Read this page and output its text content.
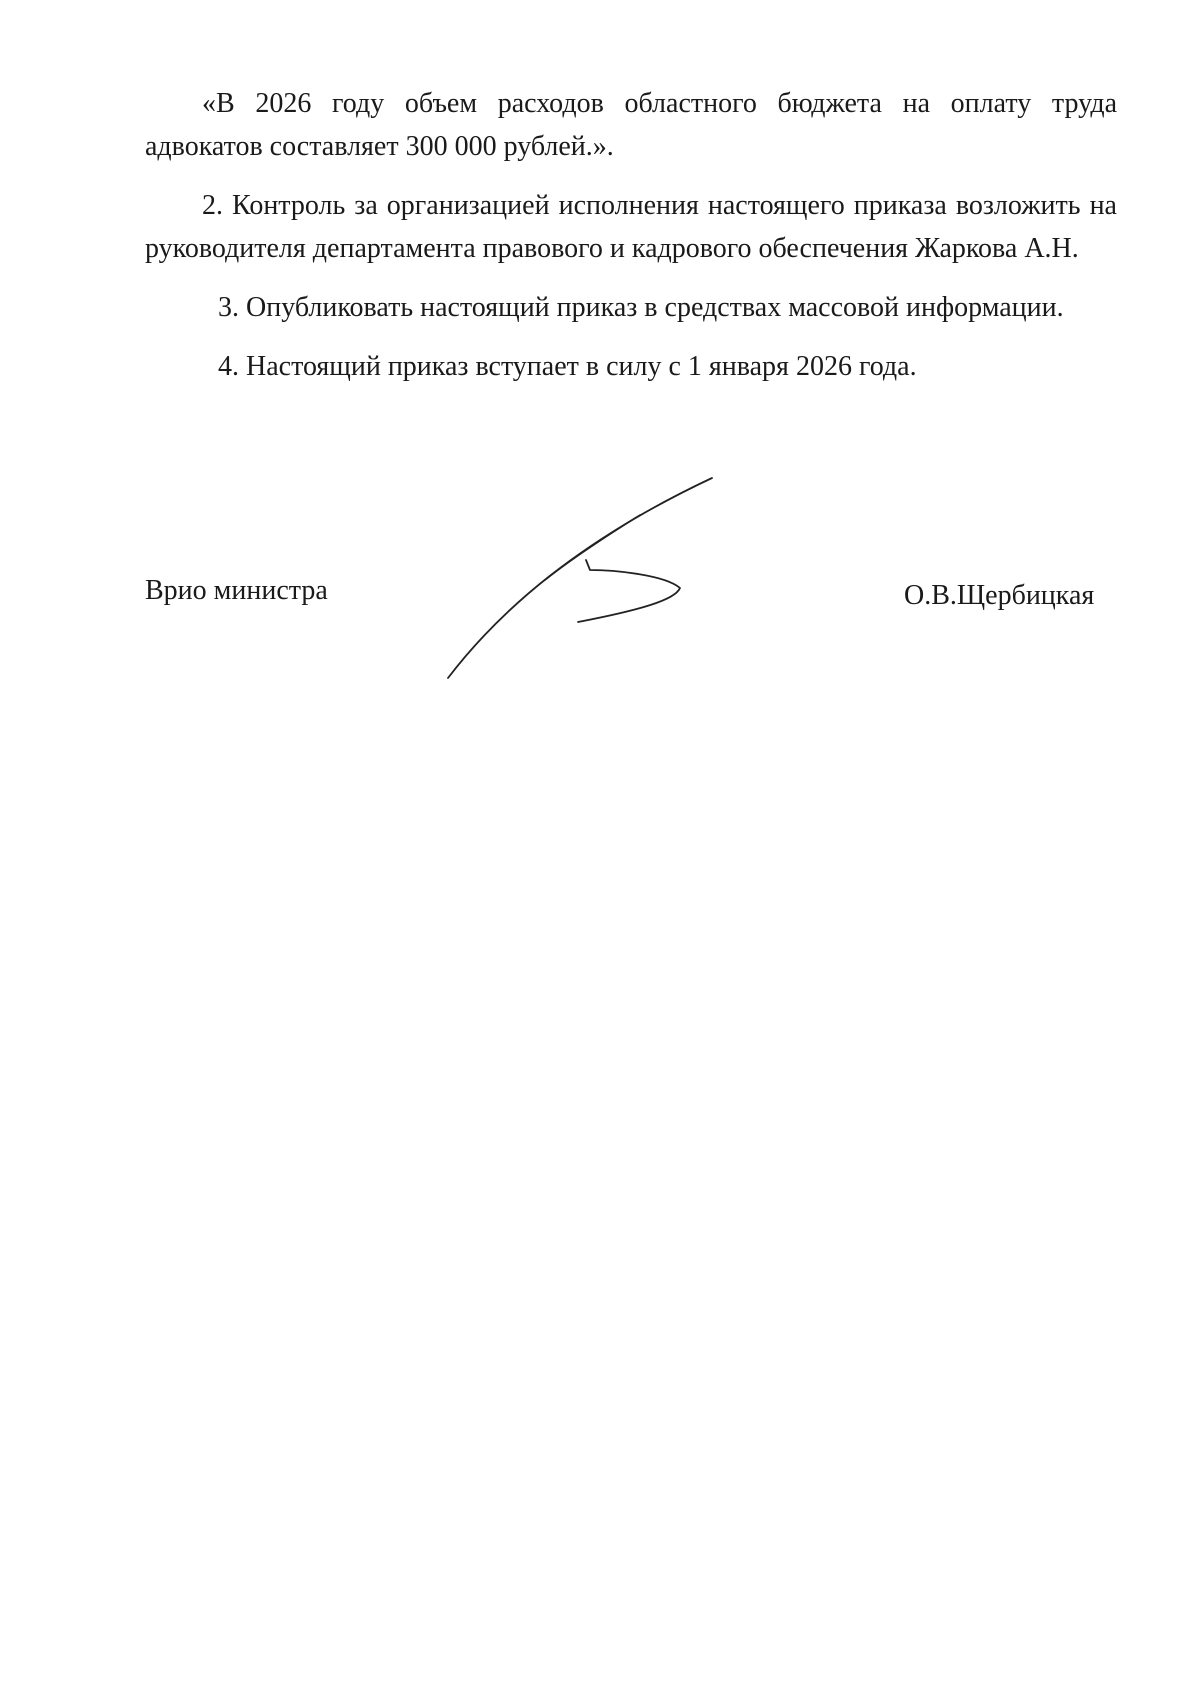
«В 2026 году объем расходов областного бюджета на оплату труда адвокатов составляет 300 000 рублей.».

2. Контроль за организацией исполнения настоящего приказа возложить на руководителя департамента правового и кадрового обеспечения Жаркова А.Н.

3. Опубликовать настоящий приказ в средствах массовой информации.

4. Настоящий приказ вступает в силу с 1 января 2026 года.

Врио министра	О.В.Щербицкая
